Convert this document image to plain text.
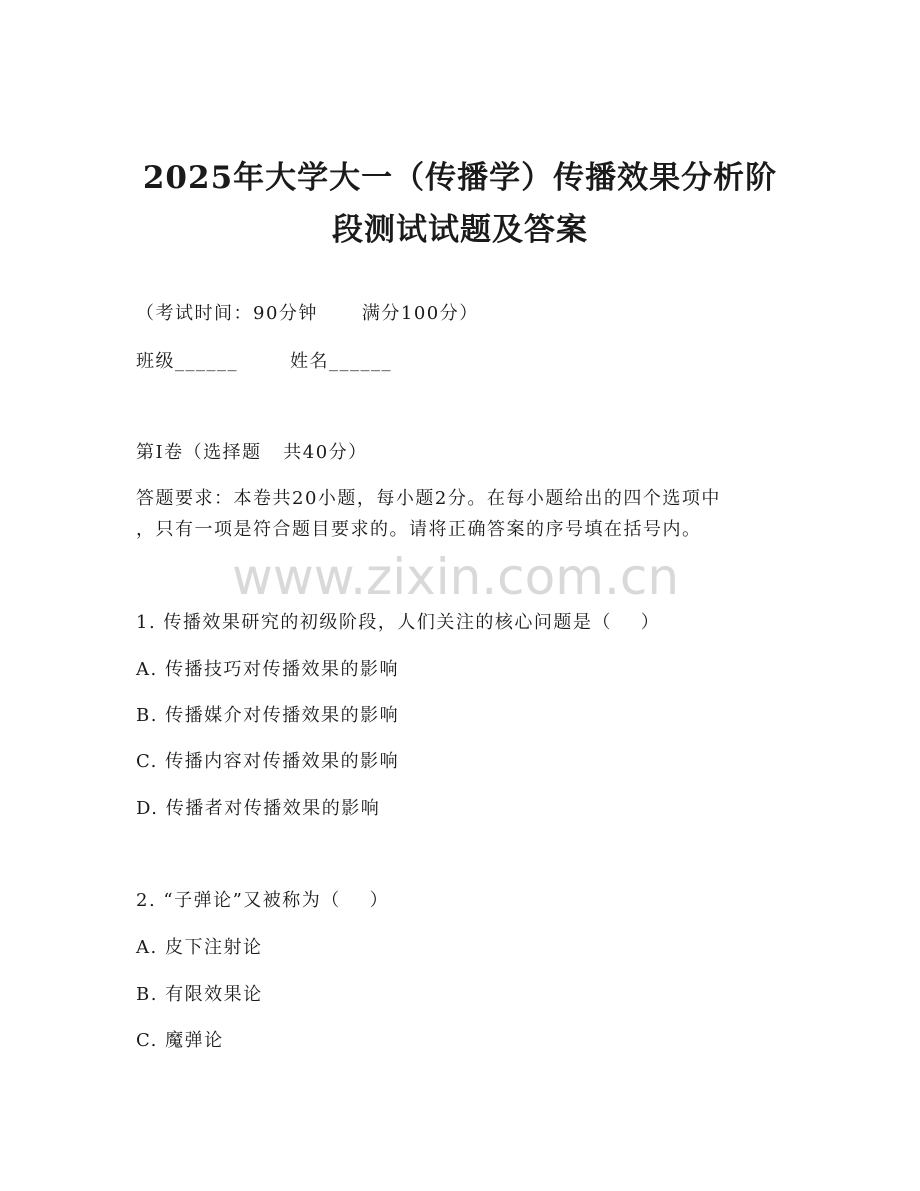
2025年大学大一（传播学）传播效果分析阶
段测试试题及答案
（考试时间：90分钟 满分100分）
班级______	姓名______
第I卷（选择题   共40分）
答题要求：本卷共20小题，每小题2分。在每小题给出的四个选项中
，只有一项是符合题目要求的。请将正确答案的序号填在括号内。
www.zixin.com.cn
1. 传播效果研究的初级阶段，人们关注的核心问题是（    ）
A. 传播技巧对传播效果的影响
B. 传播媒介对传播效果的影响
C. 传播内容对传播效果的影响
D. 传播者对传播效果的影响
2. “子弹论”又被称为（    ）
A. 皮下注射论
B. 有限效果论
C. 魔弹论
